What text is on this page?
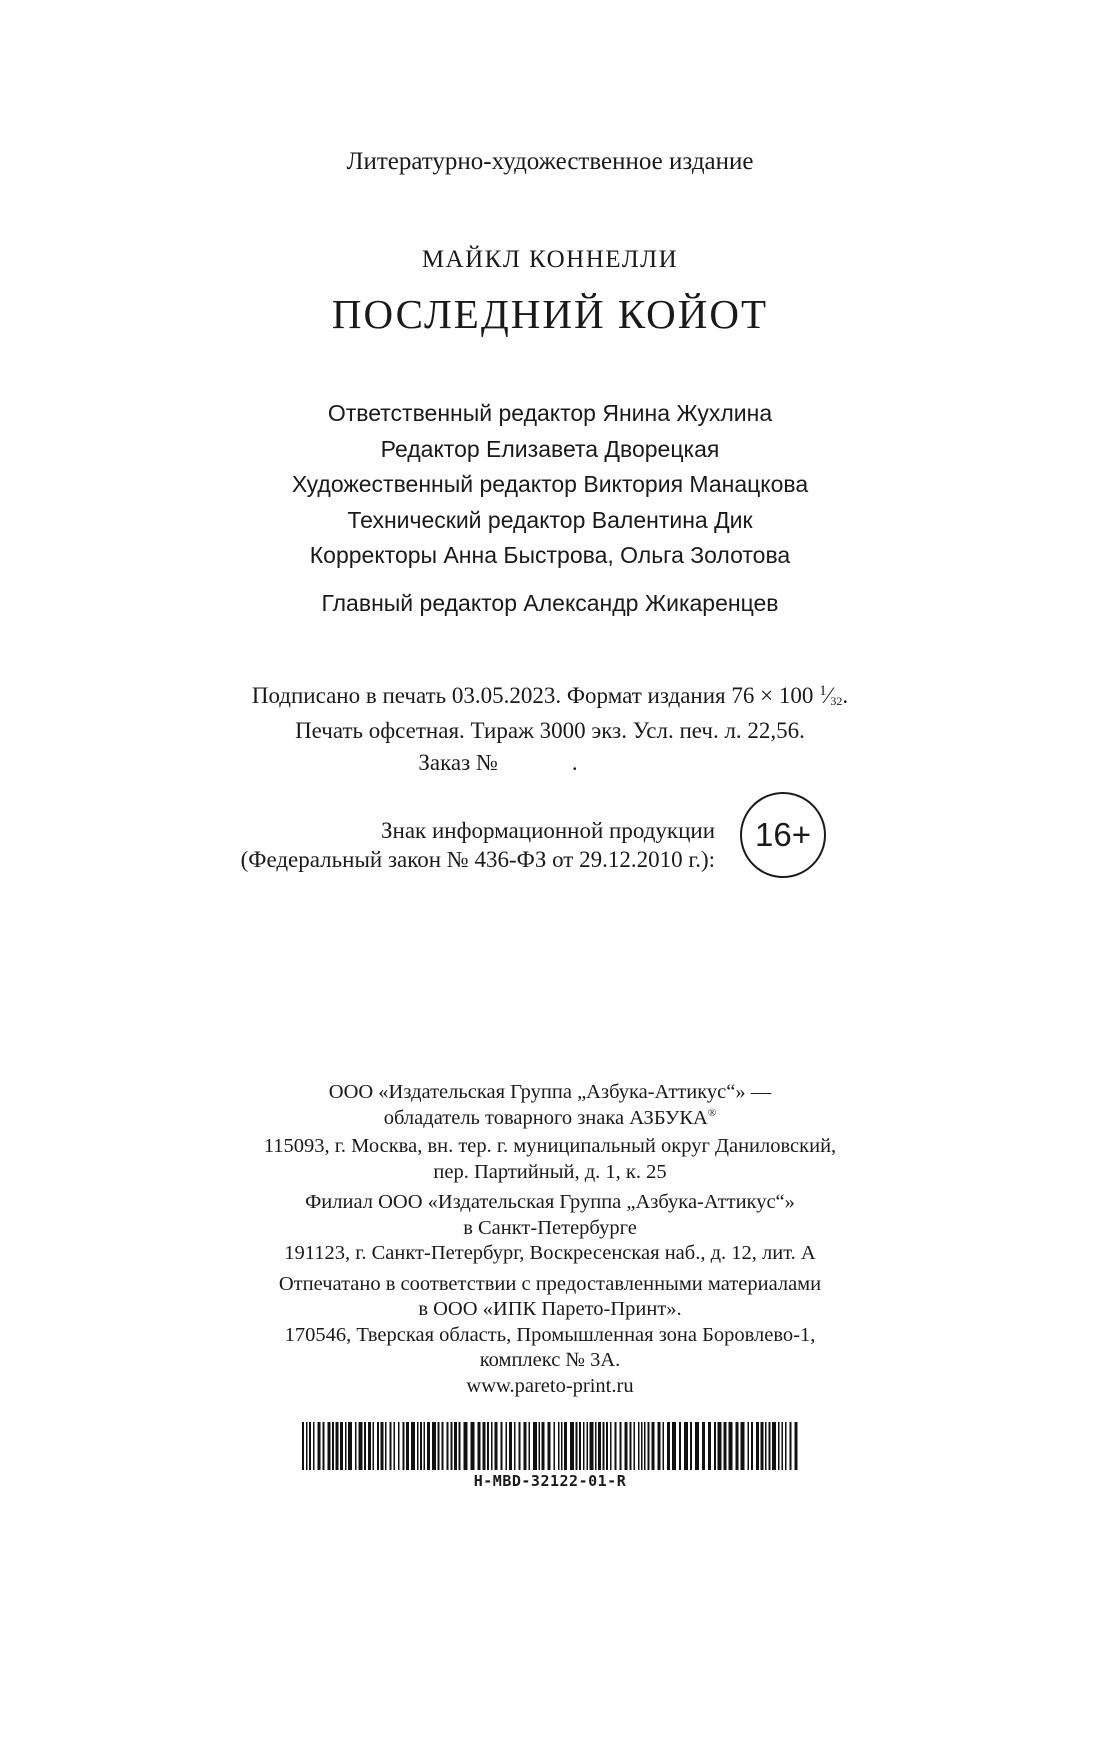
Литературно-художественное издание
МАЙКЛ КОННЕЛЛИ
ПОСЛЕДНИЙ КОЙОТ
Ответственный редактор Янина Жухлина
Редактор Елизавета Дворецкая
Художественный редактор Виктория Манацкова
Технический редактор Валентина Дик
Корректоры Анна Быстрова, Ольга Золотова
Главный редактор Александр Жикаренцев
Подписано в печать 03.05.2023. Формат издания 76 × 100 $^1$⁄32.
Печать офсетная. Тираж 3000 экз. Усл. печ. л. 22,56.
Заказ №	.
Знак информационной продукции
(Федеральный закон № 436-ФЗ от 29.12.2010 г.):
16+
ООО «Издательская Группа „Азбука-Аттикус“» —
обладатель товарного знака АЗБУКА®
115093, г. Москва, вн. тер. г. муниципальный округ Даниловский,
пер. Партийный, д. 1, к. 25
Филиал ООО «Издательская Группа „Азбука-Аттикус“»
в Санкт-Петербурге
191123, г. Санкт-Петербург, Воскресенская наб., д. 12, лит. А
Отпечатано в соответствии с предоставленными материалами
в ООО «ИПК Парето-Принт».
170546, Тверская область, Промышленная зона Боровлево-1,
комплекс № 3А.
www.pareto-print.ru
H-MBD-32122-01-R
